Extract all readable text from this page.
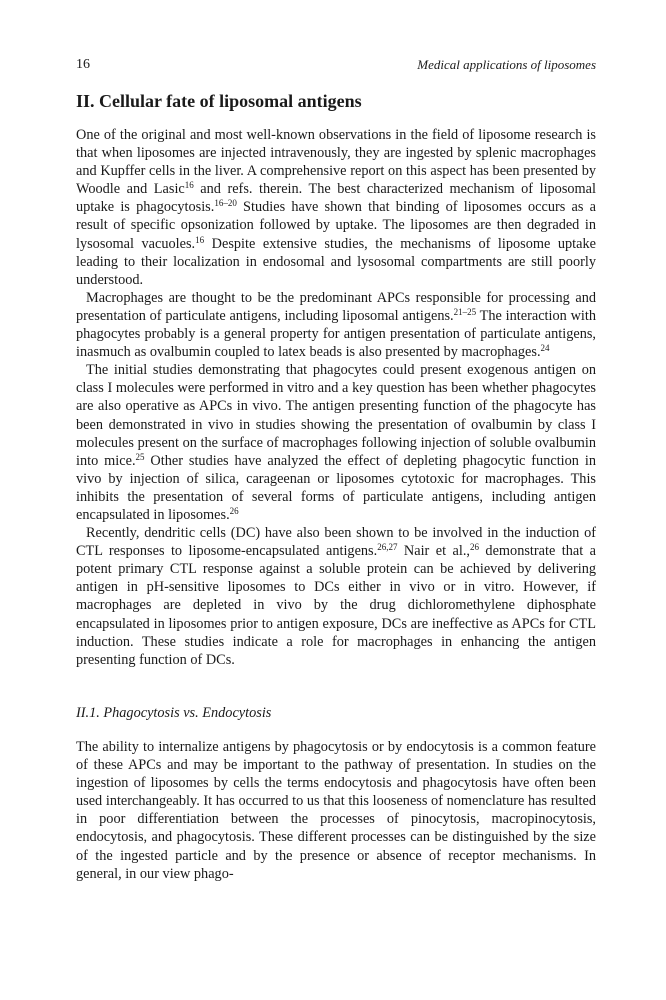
16	Medical applications of liposomes
II. Cellular fate of liposomal antigens

One of the original and most well-known observations in the field of liposome research is that when liposomes are injected intravenously, they are ingested by splenic macrophages and Kupffer cells in the liver. A comprehensive report on this aspect has been presented by Woodle and Lasic$^{16}$ and refs. therein. The best characterized mechanism of liposomal uptake is phagocytosis.$^{16-20}$ Studies have shown that binding of liposomes occurs as a result of specific opsonization followed by uptake. The liposomes are then degraded in lysosomal vacuoles.$^{16}$ Despite extensive studies, the mechanisms of liposome uptake leading to their localization in endosomal and lysosomal compartments are still poorly understood.

Macrophages are thought to be the predominant APCs responsible for processing and presentation of particulate antigens, including liposomal antigens.$^{21-25}$ The interaction with phagocytes probably is a general property for antigen presentation of particulate antigens, inasmuch as ovalbumin coupled to latex beads is also presented by macrophages.$^{24}$

The initial studies demonstrating that phagocytes could present exogenous antigen on class I molecules were performed in vitro and a key question has been whether phagocytes are also operative as APCs in vivo. The antigen presenting function of the phagocyte has been demonstrated in vivo in studies showing the presentation of ovalbumin by class I molecules present on the surface of macrophages following injection of soluble ovalbumin into mice.$^{25}$ Other studies have analyzed the effect of depleting phagocytic function in vivo by injection of silica, carageenan or liposomes cytotoxic for macrophages. This inhibits the presentation of several forms of particulate antigens, including antigen encapsulated in liposomes.$^{26}$

Recently, dendritic cells (DC) have also been shown to be involved in the induction of CTL responses to liposome-encapsulated antigens.$^{26,27}$ Nair et al.,$^{26}$ demonstrate that a potent primary CTL response against a soluble protein can be achieved by delivering antigen in pH-sensitive liposomes to DCs either in vivo or in vitro. However, if macrophages are depleted in vivo by the drug dichloromethylene diphosphate encapsulated in liposomes prior to antigen exposure, DCs are ineffective as APCs for CTL induction. These studies indicate a role for macrophages in enhancing the antigen presenting function of DCs.

II.1. Phagocytosis vs. Endocytosis

The ability to internalize antigens by phagocytosis or by endocytosis is a common feature of these APCs and may be important to the pathway of presentation. In studies on the ingestion of liposomes by cells the terms endocytosis and phagocytosis have often been used interchangeably. It has occurred to us that this looseness of nomenclature has resulted in poor differentiation between the processes of pinocytosis, macropinocytosis, endocytosis, and phagocytosis. These different processes can be distinguished by the size of the ingested particle and by the presence or absence of receptor mechanisms. In general, in our view phago-
